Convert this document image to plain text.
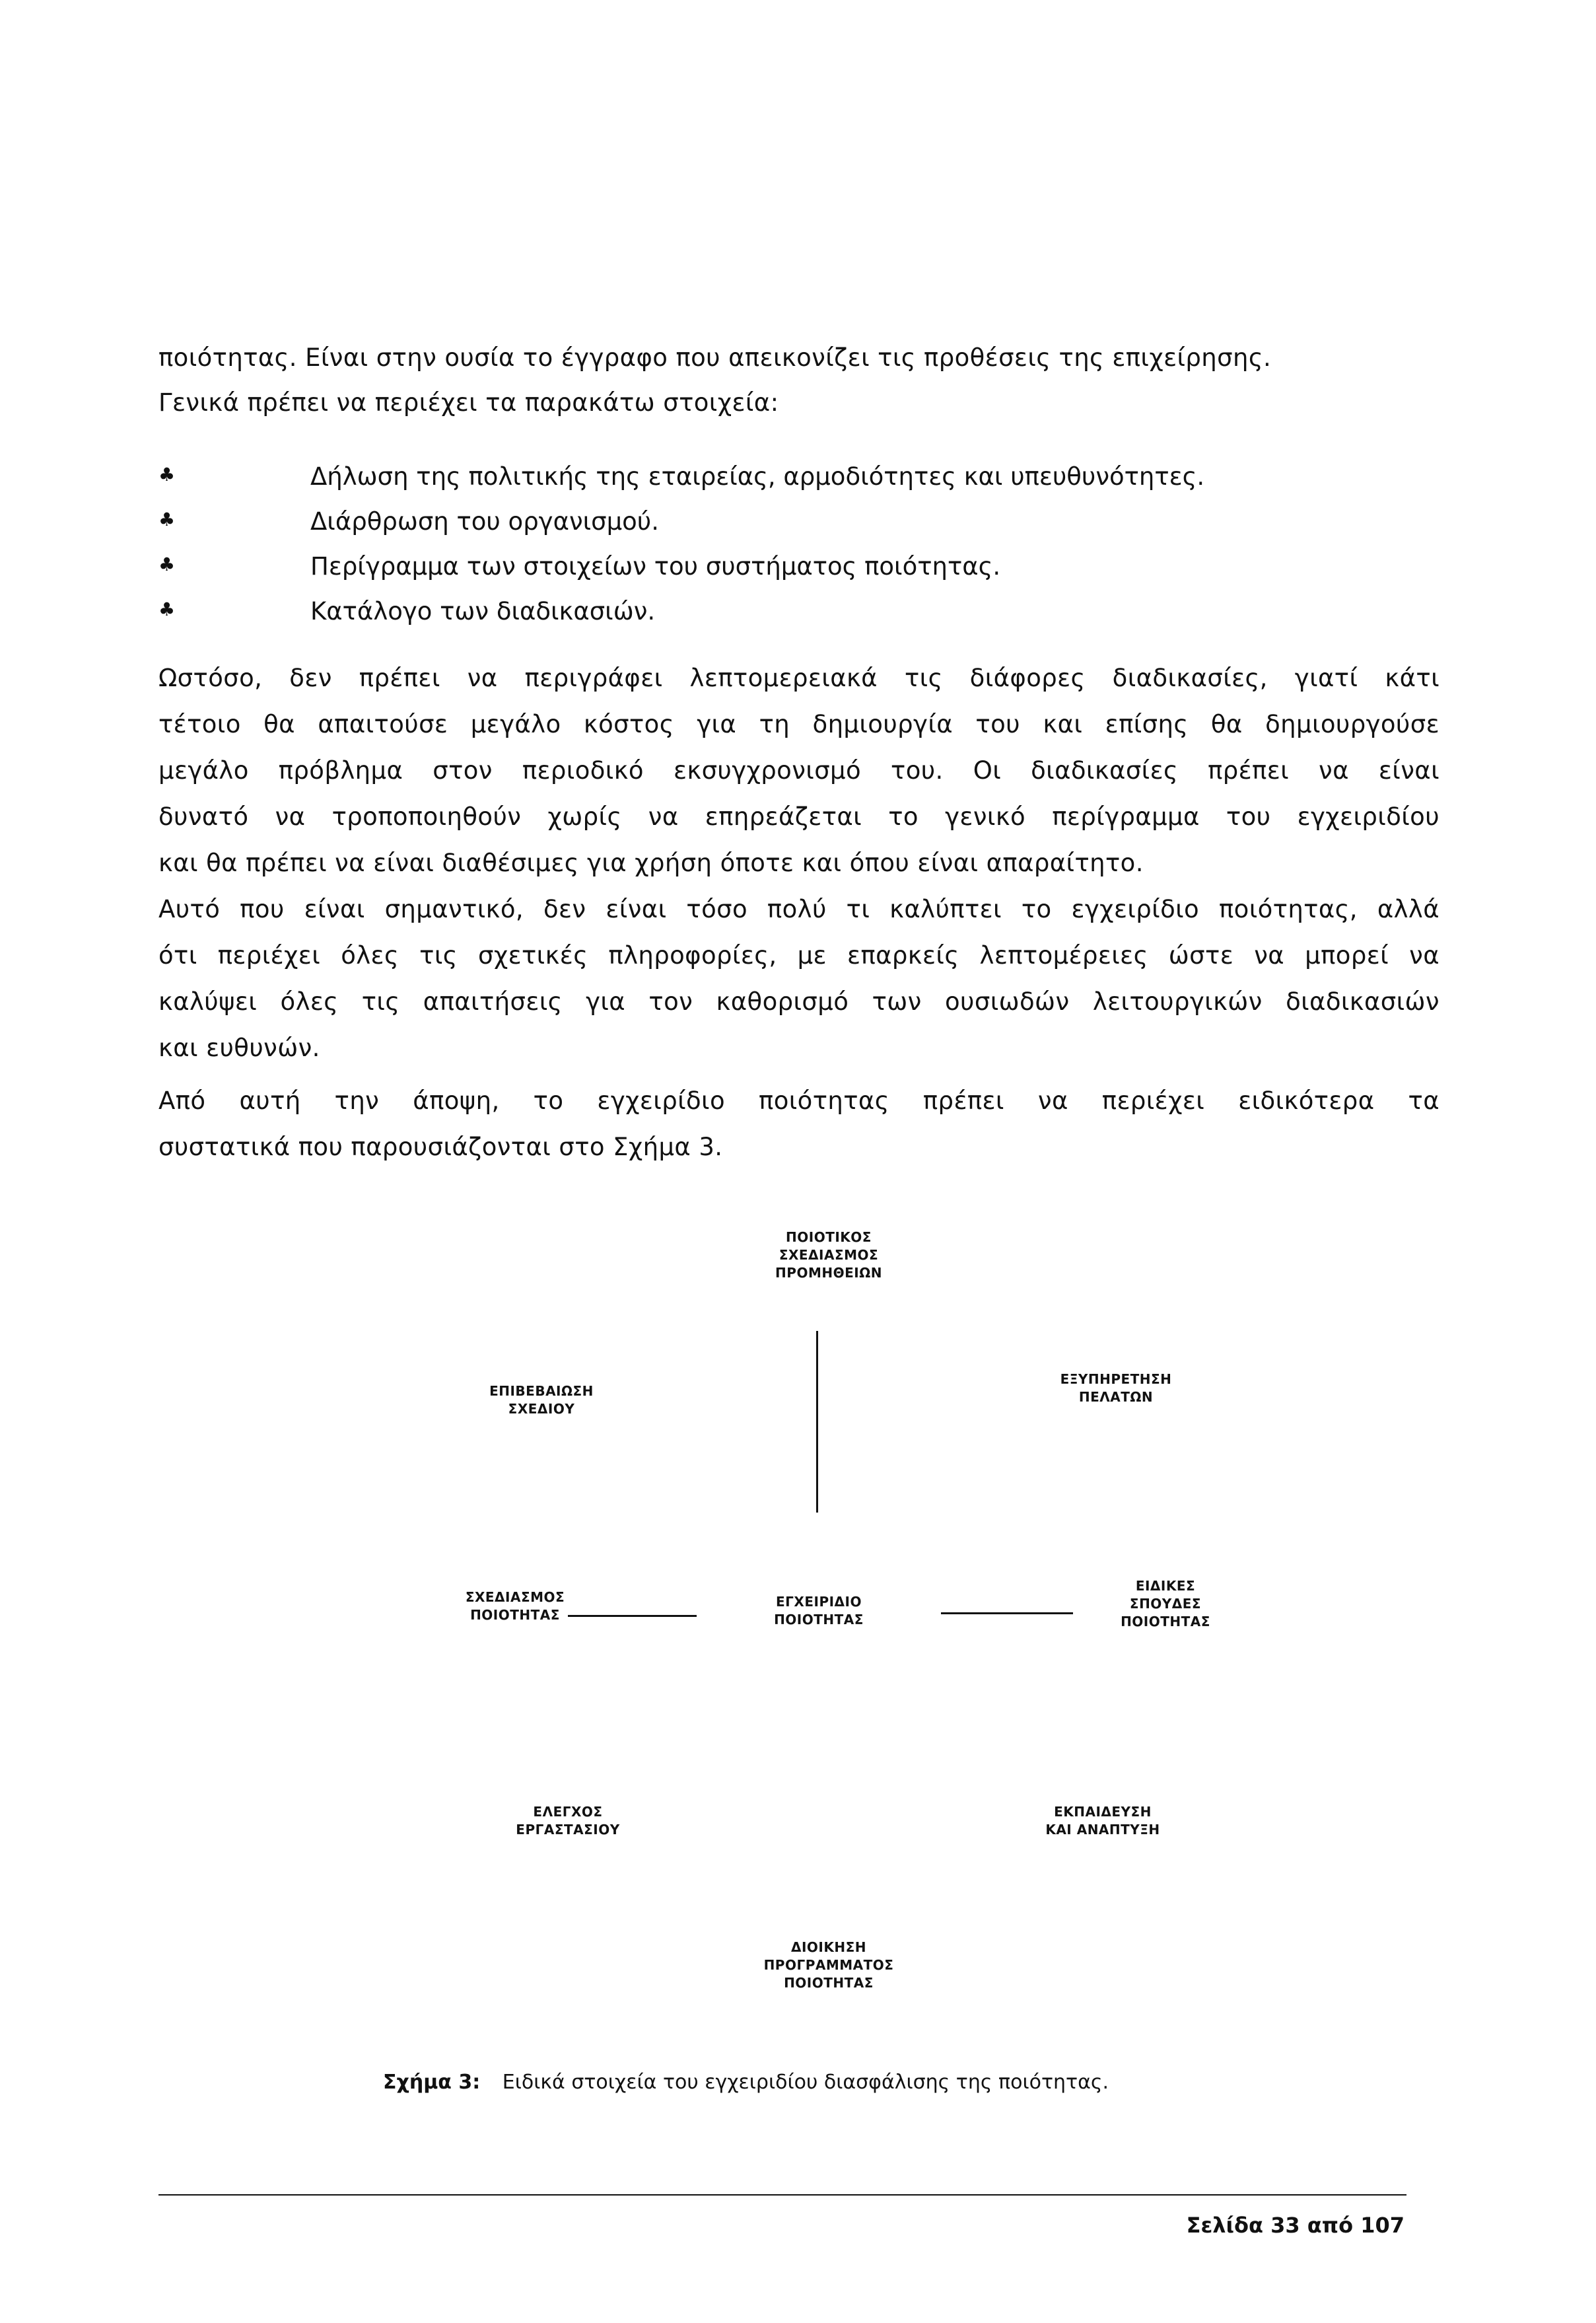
ποιότητας. Είναι στην ουσία το έγγραφο που απεικονίζει τις προθέσεις της επιχείρησης.
Γενικά πρέπει να περιέχει τα παρακάτω στοιχεία:
♣	Δήλωση της πολιτικής της εταιρείας, αρμοδιότητες και υπευθυνότητες.
♣	Διάρθρωση του οργανισμού.
♣	Περίγραμμα των στοιχείων του συστήματος ποιότητας.
♣	Κατάλογο των διαδικασιών.
Ωστόσο, δεν πρέπει να περιγράφει λεπτομερειακά τις διάφορες διαδικασίες, γιατί κάτι
τέτοιο θα απαιτούσε μεγάλο κόστος για τη δημιουργία του και επίσης θα δημιουργούσε
μεγάλο πρόβλημα στον περιοδικό εκσυγχρονισμό του. Οι διαδικασίες πρέπει να είναι
δυνατό να τροποποιηθούν χωρίς να επηρεάζεται το γενικό περίγραμμα του εγχειριδίου
και θα πρέπει να είναι διαθέσιμες για χρήση όποτε και όπου είναι απαραίτητο.
Αυτό που είναι σημαντικό, δεν είναι τόσο πολύ τι καλύπτει το εγχειρίδιο ποιότητας, αλλά
ότι περιέχει όλες τις σχετικές πληροφορίες, με επαρκείς λεπτομέρειες ώστε να μπορεί να
καλύψει όλες τις απαιτήσεις για τον καθορισμό των ουσιωδών λειτουργικών διαδικασιών
και ευθυνών.
Από αυτή την άποψη, το εγχειρίδιο ποιότητας πρέπει να περιέχει ειδικότερα τα
συστατικά που παρουσιάζονται στο Σχήμα 3.
ΠΟΙΟΤΙΚΟΣ
ΣΧΕΔΙΑΣΜΟΣ
ΠΡΟΜΗΘΕΙΩΝ
ΕΠΙΒΕΒΑΙΩΣΗ
ΣΧΕΔΙΟΥ
ΕΞΥΠΗΡΕΤΗΣΗ
ΠΕΛΑΤΩΝ
ΣΧΕΔΙΑΣΜΟΣ
ΠΟΙΟΤΗΤΑΣ
ΕΓΧΕΙΡΙΔΙΟ
ΠΟΙΟΤΗΤΑΣ
ΕΙΔΙΚΕΣ
ΣΠΟΥΔΕΣ
ΠΟΙΟΤΗΤΑΣ
ΕΛΕΓΧΟΣ
ΕΡΓΑΣΤΑΣΙΟΥ
ΕΚΠΑΙΔΕΥΣΗ
ΚΑΙ ΑΝΑΠΤΥΞΗ
ΔΙΟΙΚΗΣΗ
ΠΡΟΓΡΑΜΜΑΤΟΣ
ΠΟΙΟΤΗΤΑΣ
Σχήμα 3: Ειδικά στοιχεία του εγχειριδίου διασφάλισης της ποιότητας.
Σελίδα 33 από 107
